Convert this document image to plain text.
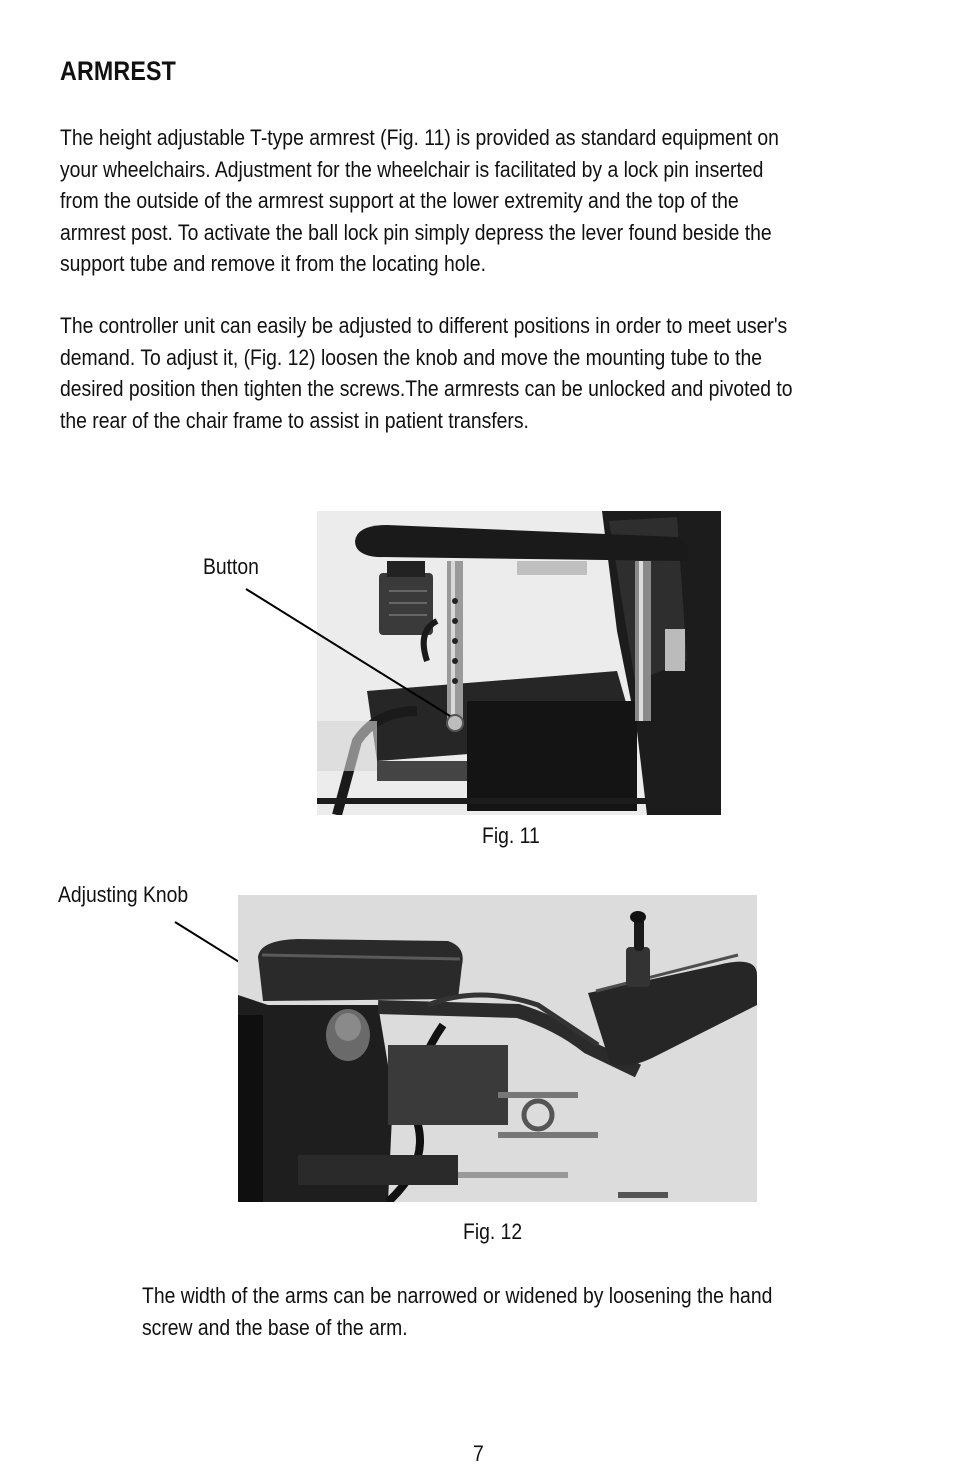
ARMREST

The height adjustable T-type armrest (Fig. 11) is provided as standard equipment on
your wheelchairs. Adjustment for the wheelchair is facilitated by a lock pin inserted
from the outside of the armrest support at the lower extremity and the top of the
armrest post. To activate the ball lock pin simply depress the lever found beside the
support tube and remove it from the locating hole.

The controller unit can easily be adjusted to different positions in order to meet user's
demand. To adjust it, (Fig. 12) loosen the knob and move the mounting tube to the
desired position then tighten the screws.The armrests can be unlocked and pivoted to
the rear of the chair frame to assist in patient transfers.

Button
Fig. 11
Adjusting Knob
Fig. 12

The width of the arms can be narrowed or widened by loosening the hand
screw and the base of the arm.

7
